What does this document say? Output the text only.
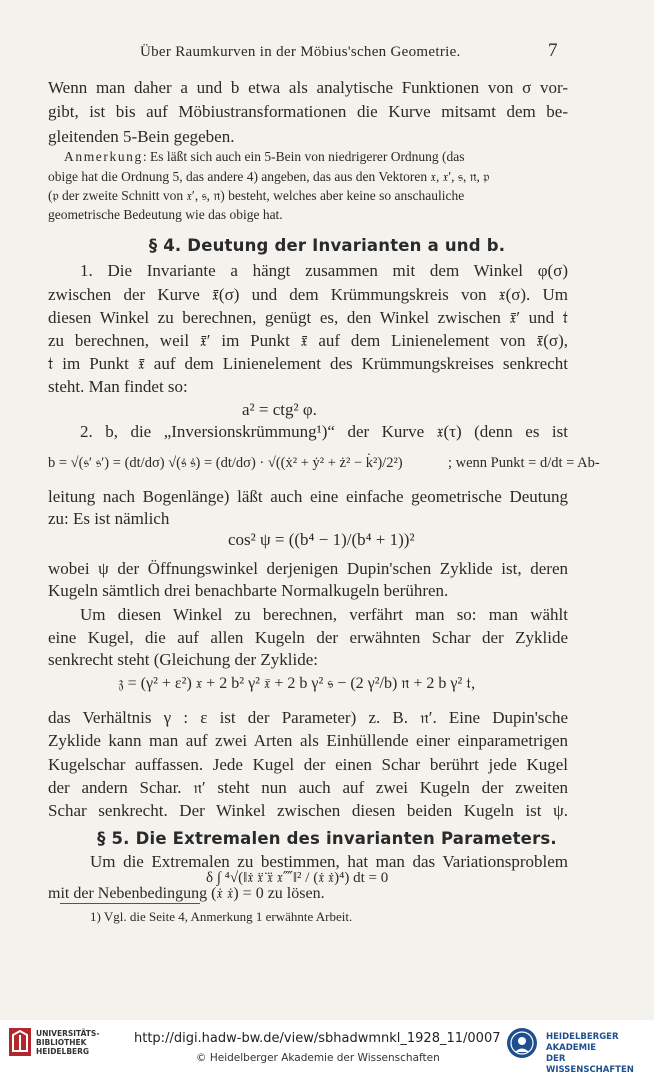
Über Raumkurven in der Möbius'schen Geometrie.	7
Wenn man daher a und b etwa als analytische Funktionen von σ vor-
gibt, ist bis auf Möbiustransformationen die Kurve mitsamt dem be-
gleitenden 5-Bein gegeben.
Anmerkung: Es läßt sich auch ein 5-Bein von niedrigerer Ordnung (das
obige hat die Ordnung 5, das andere 4) angeben, das aus den Vektoren 𝔵, 𝔵′, 𝔰, 𝔫, 𝔭
(𝔭 der zweite Schnitt von 𝔵′, 𝔰, 𝔫) besteht, welches aber keine so anschauliche
geometrische Bedeutung wie das obige hat.
§ 4. Deutung der Invarianten a und b.
1. Die Invariante a hängt zusammen mit dem Winkel φ(σ)
zwischen der Kurve 𝔵̄(σ) und dem Krümmungskreis von 𝔵(σ). Um
diesen Winkel zu berechnen, genügt es, den Winkel zwischen 𝔵̄′ und 𝔱
zu berechnen, weil 𝔵̄′ im Punkt 𝔵̄ auf dem Linienelement von 𝔵̄(σ),
𝔱 im Punkt 𝔵̄ auf dem Linienelement des Krümmungskreises senkrecht
steht. Man findet so:
a² = ctg² φ.
2. b, die „Inversionskrümmung¹)“ der Kurve 𝔵(τ) (denn es ist
b = √(𝔰′ 𝔰′) = (dt/dσ) √(𝔰̇ 𝔰̇) = (dt/dσ) · √((ẋ² + ẏ² + ż² − k̇²)/2²)	; wenn Punkt = d/dt = Ab-
leitung nach Bogenlänge) läßt auch eine einfache geometrische Deutung
zu: Es ist nämlich
cos² ψ = ((b⁴ − 1)/(b⁴ + 1))²
wobei ψ der Öffnungswinkel derjenigen Dupin'schen Zyklide ist, deren
Kugeln sämtlich drei benachbarte Normalkugeln berühren.
Um diesen Winkel zu berechnen, verfährt man so: man wählt
eine Kugel, die auf allen Kugeln der erwähnten Schar der Zyklide
senkrecht steht (Gleichung der Zyklide:
𝔷 = (γ² + ε²) 𝔵 + 2 b² γ² 𝔵̄ + 2 b γ² 𝔰 − (2 γ²/b) 𝔫 + 2 b γ² 𝔱,
das Verhältnis γ : ε ist der Parameter) z. B. 𝔫′. Eine Dupin'sche
Zyklide kann man auf zwei Arten als Einhüllende einer einparametrigen
Kugelschar auffassen. Jede Kugel der einen Schar berührt jede Kugel
der andern Schar. 𝔫′ steht nun auch auf zwei Kugeln der zweiten
Schar senkrecht. Der Winkel zwischen diesen beiden Kugeln ist ψ.
§ 5. Die Extremalen des invarianten Parameters.
Um die Extremalen zu bestimmen, hat man das Variationsproblem
δ ∫ ⁴√(‖𝔵̇ 𝔵̈ 𝔵⃛ 𝔵⁗‖² / (𝔵̇ 𝔵̇)⁴) dt = 0
mit der Nebenbedingung (𝔵̇ 𝔵̇) = 0 zu lösen.
1) Vgl. die Seite 4, Anmerkung 1 erwähnte Arbeit.
UNIVERSITÄTS-
BIBLIOTHEK
HEIDELBERG
http://digi.hadw-bw.de/view/sbhadwmnkl_1928_11/0007
© Heidelberger Akademie der Wissenschaften
HEIDELBERGER AKADEMIE
DER WISSENSCHAFTEN
